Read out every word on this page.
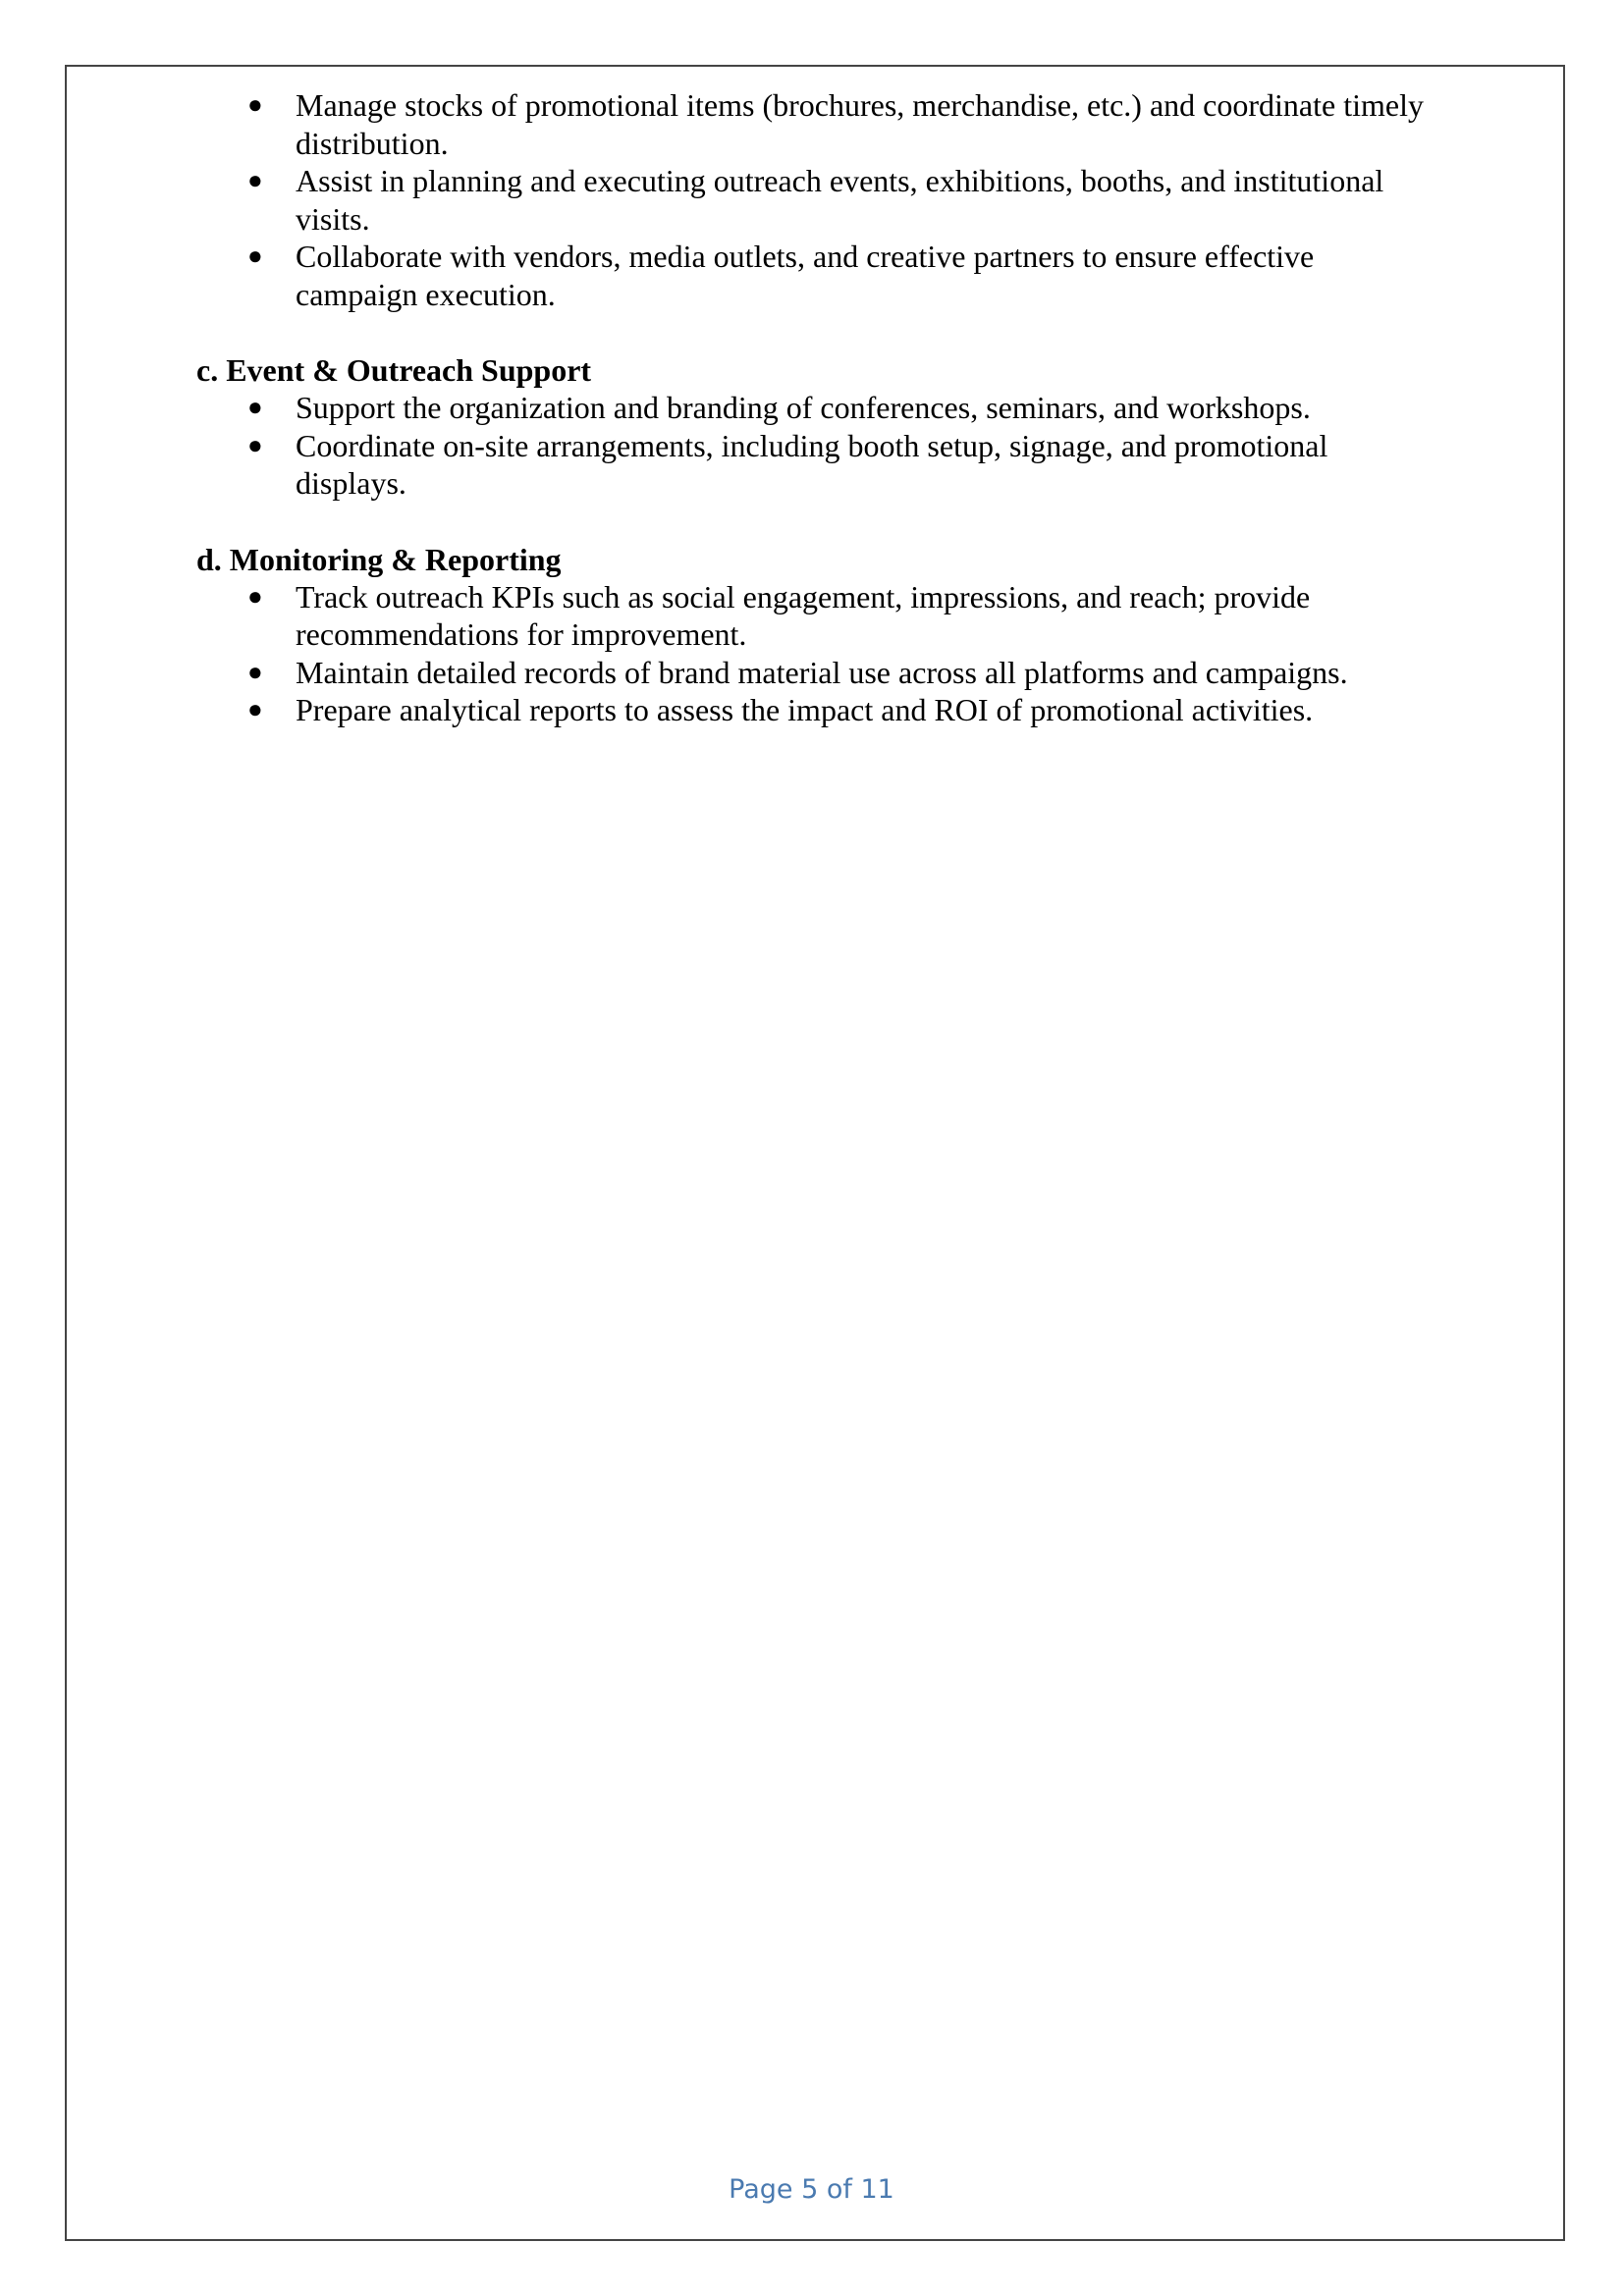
● Manage stocks of promotional items (brochures, merchandise, etc.) and coordinate timely distribution.
● Assist in planning and executing outreach events, exhibitions, booths, and institutional visits.
● Collaborate with vendors, media outlets, and creative partners to ensure effective campaign execution.
c. Event & Outreach Support
● Support the organization and branding of conferences, seminars, and workshops.
● Coordinate on-site arrangements, including booth setup, signage, and promotional displays.
d. Monitoring & Reporting
● Track outreach KPIs such as social engagement, impressions, and reach; provide recommendations for improvement.
● Maintain detailed records of brand material use across all platforms and campaigns.
● Prepare analytical reports to assess the impact and ROI of promotional activities.
Page 5 of 11
